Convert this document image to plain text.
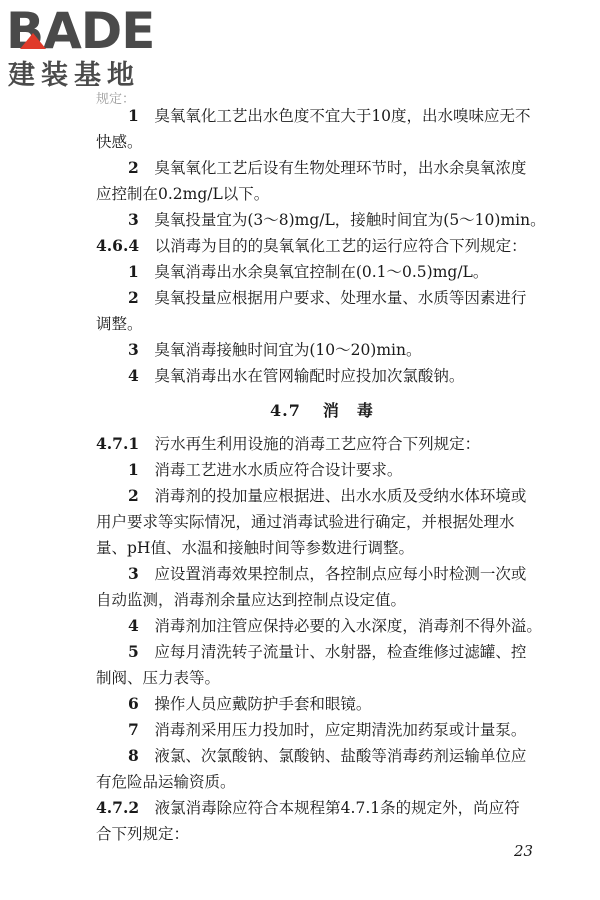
BADE
建装基地
规定：
1　 臭氧氧化工艺出水色度不宜大于10度，出水嗅味应无不
快感。
2　 臭氧氧化工艺后设有生物处理环节时，出水余臭氧浓度
应控制在0.2mg/L以下。
3　 臭氧投量宜为(3～8)mg/L，接触时间宜为(5～10)min。
4.6.4　 以消毒为目的的臭氧氧化工艺的运行应符合下列规定：
1　 臭氧消毒出水余臭氧宜控制在(0.1～0.5)mg/L。
2　 臭氧投量应根据用户要求、处理水量、水质等因素进行
调整。
3　 臭氧消毒接触时间宜为(10～20)min。
4　 臭氧消毒出水在管网输配时应投加次氯酸钠。
4.7 消　毒
4.7.1　 污水再生利用设施的消毒工艺应符合下列规定：
1　 消毒工艺进水水质应符合设计要求。
2　 消毒剂的投加量应根据进、出水水质及受纳水体环境或
用户要求等实际情况，通过消毒试验进行确定，并根据处理水
量、pH值、水温和接触时间等参数进行调整。
3　 应设置消毒效果控制点，各控制点应每小时检测一次或
自动监测，消毒剂余量应达到控制点设定值。
4　 消毒剂加注管应保持必要的入水深度，消毒剂不得外溢。
5　 应每月清洗转子流量计、水射器，检查维修过滤罐、控
制阀、压力表等。
6　 操作人员应戴防护手套和眼镜。
7　 消毒剂采用压力投加时，应定期清洗加药泵或计量泵。
8　 液氯、次氯酸钠、氯酸钠、盐酸等消毒药剂运输单位应
有危险品运输资质。
4.7.2　 液氯消毒除应符合本规程第4.7.1条的规定外，尚应符
合下列规定：
23
